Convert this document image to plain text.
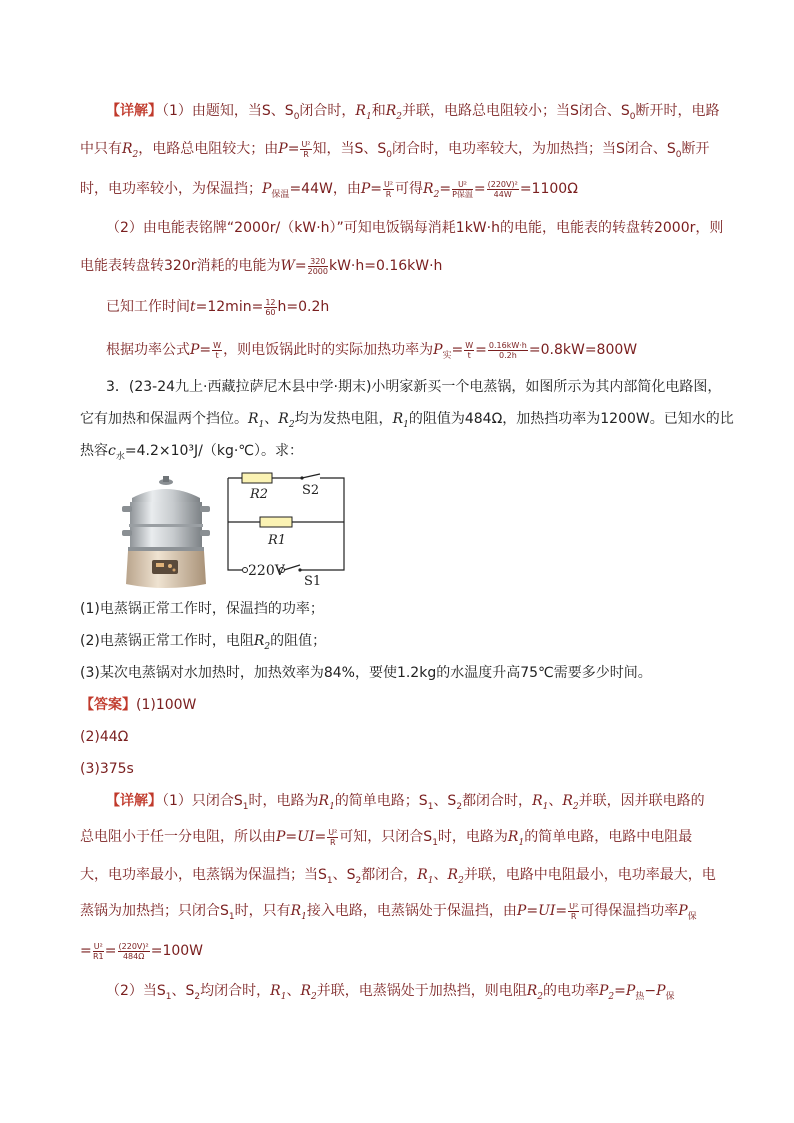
【详解】（1）由题知，当S、$S_0$闭合时，$R_1$和$R_2$并联，电路总电阻较小；当S闭合、$S_0$断开时，电路
中只有$R_2$，电路总电阻较大；由$P= \frac{\text{U²}}{R}$ 知，当S、$S_0$闭合时，电功率较大，为加热挡；当S闭合、$S_0$断开
时，电功率较小，为保温挡；$P_{保温}=44W$，由$P= \frac{\text{U²}}{R}$ 可得$R_2= \frac{\text{U²}}{\text{P保温}} = \frac{\text{(220V)²}}{44W} =1100\Omega$
（2）由电能表铭牌“2000r/（kW·h）”可知电饭锅每消耗1kW·h的电能，电能表的转盘转2000r，则
电能表转盘转320r消耗的电能为$W= \frac{320}{2000} kW\cdot h=0.16kW\cdot h$
已知工作时间$t=12\min= \frac{12}{60} h=0.2h$
根据功率公式$P= \frac{W}{t}$ ，则电饭锅此时的实际加热功率为$P_实= \frac{W}{t} = \frac{0.16kW\cdot h}{0.2h} =0.8kW=800W$
3．(23-24九上·西藏拉萨尼木县中学·期末)小明家新买一个电蒸锅，如图所示为其内部简化电路图，
它有加热和保温两个挡位。$R_1$、$R_2$均为发热电阻，$R_1$的阻值为484Ω，加热挡功率为1200W。已知水的比
热容$c_水=4.2\times 10^3J/(kg\cdot℃)$。求：
R2	S2
R1
220V
S1
(1)电蒸锅正常工作时，保温挡的功率；
(2)电蒸锅正常工作时，电阻$R_2$的阻值；
(3)某次电蒸锅对水加热时，加热效率为84%，要使1.2kg的水温度升高75℃需要多少时间。
【答案】(1)100W
(2)44Ω
(3)375s
【详解】（1）只闭合$S_1$时，电路为$R_1$的简单电路；$S_1$、$S_2$都闭合时，$R_1$、$R_2$并联，因并联电路的
总电阻小于任一分电阻，所以由$P=UI= \frac{\text{U²}}{R}$ 可知，只闭合$S_1$时，电路为$R_1$的简单电路，电路中电阻最
大，电功率最小，电蒸锅为保温挡；当$S_1$、$S_2$都闭合，$R_1$、$R_2$并联，电路中电阻最小，电功率最大，电
蒸锅为加热挡；只闭合$S_1$时，只有$R_1$接入电路，电蒸锅处于保温挡，由$P=UI= \frac{\text{U²}}{R}$ 可得保温挡功率$P_保$
= $\frac{\text{U²}}{R1} = \frac{\text{(220V)²}}{484\Omega} =100W$
（2）当$S_1$、$S_2$均闭合时，$R_1$、$R_2$并联，电蒸锅处于加热挡，则电阻$R_2$的电功率$P_2=P_热-P_保$
